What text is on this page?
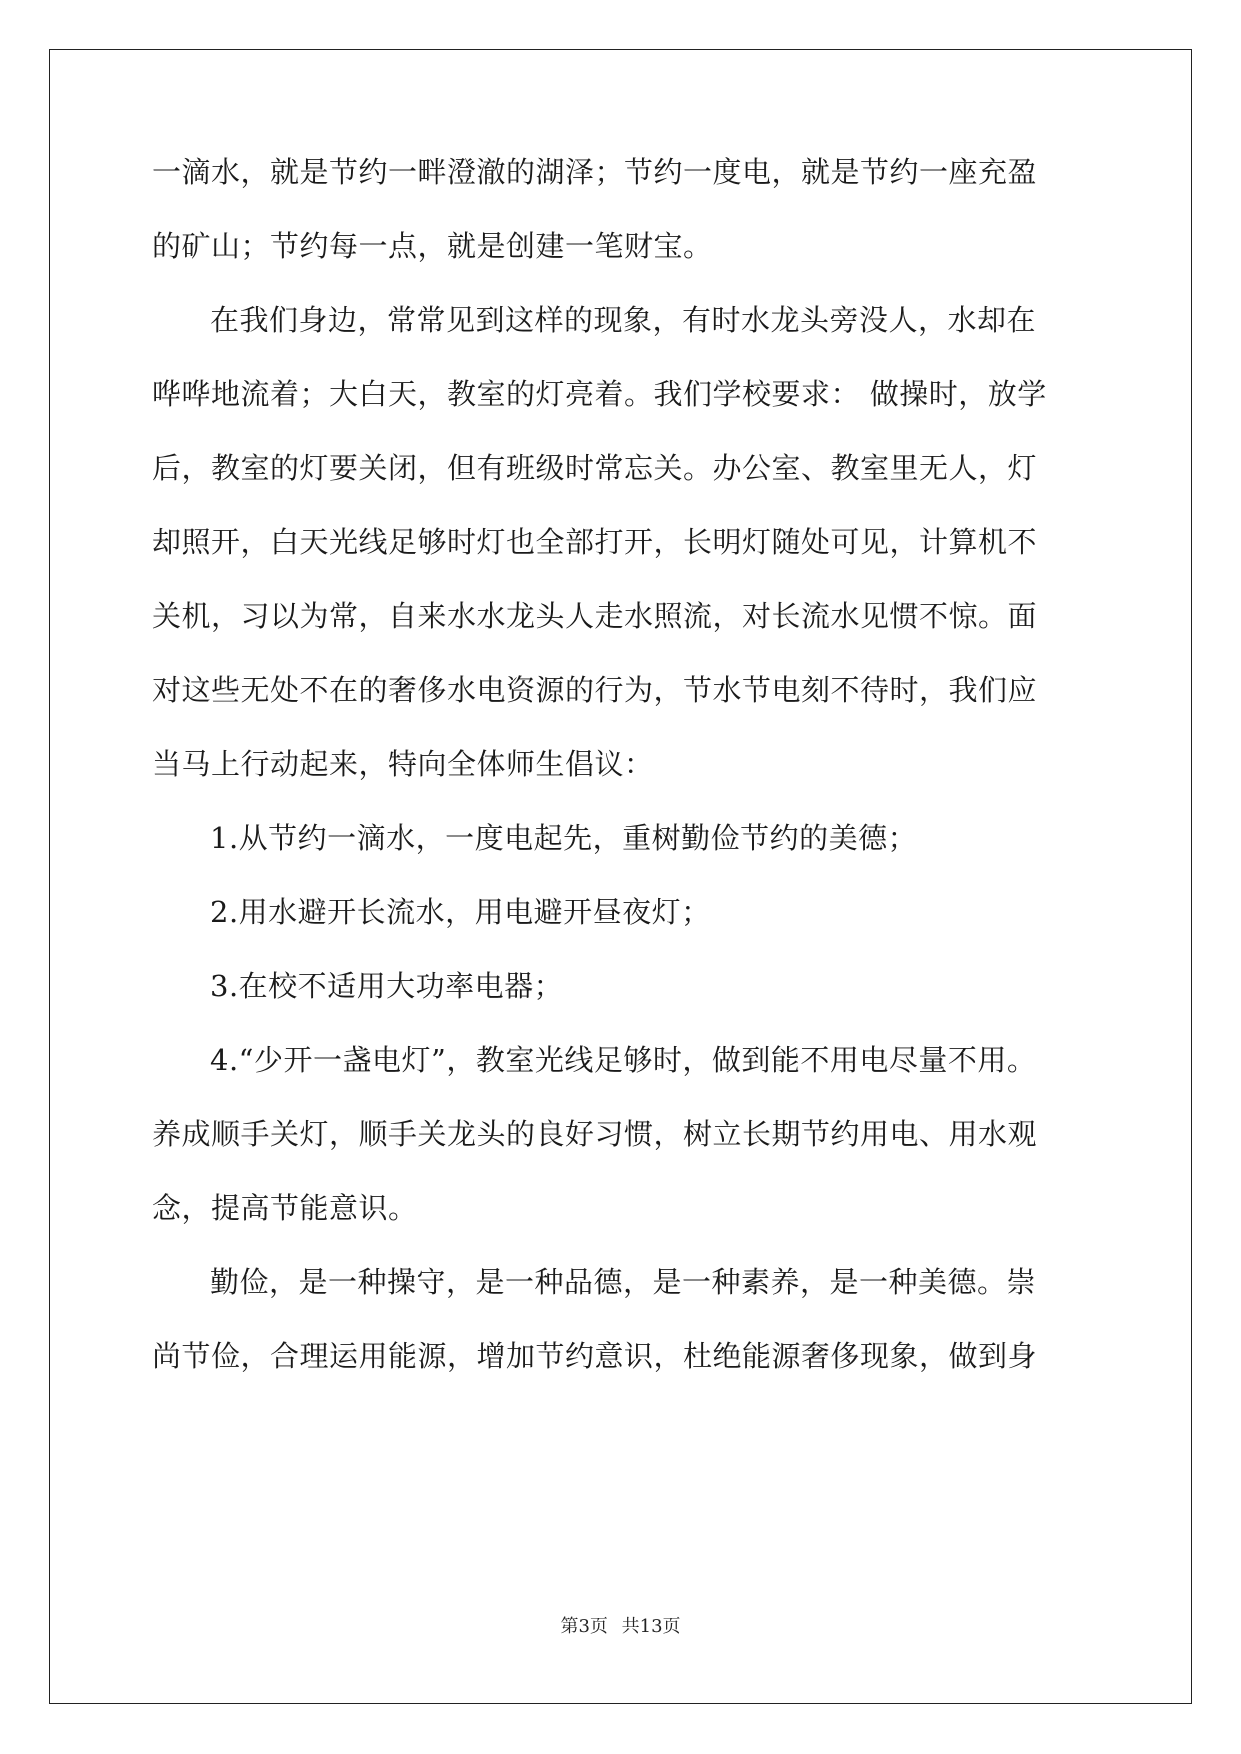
一滴水，就是节约一畔澄澈的湖泽；节约一度电，就是节约一座充盈
的矿山；节约每一点，就是创建一笔财宝。
在我们身边，常常见到这样的现象，有时水龙头旁没人，水却在
哗哗地流着；大白天，教室的灯亮着。我们学校要求： 做操时，放学
后，教室的灯要关闭，但有班级时常忘关。办公室、教室里无人，灯
却照开，白天光线足够时灯也全部打开，长明灯随处可见，计算机不
关机，习以为常，自来水水龙头人走水照流，对长流水见惯不惊。面
对这些无处不在的奢侈水电资源的行为，节水节电刻不待时，我们应
当马上行动起来，特向全体师生倡议：
1.从节约一滴水，一度电起先，重树勤俭节约的美德；
2.用水避开长流水，用电避开昼夜灯；
3.在校不适用大功率电器；
4.“少开一盏电灯”，教室光线足够时，做到能不用电尽量不用。
养成顺手关灯，顺手关龙头的良好习惯，树立长期节约用电、用水观
念，提高节能意识。
勤俭，是一种操守，是一种品德，是一种素养，是一种美德。崇
尚节俭，合理运用能源，增加节约意识，杜绝能源奢侈现象，做到身
第3页 共13页
